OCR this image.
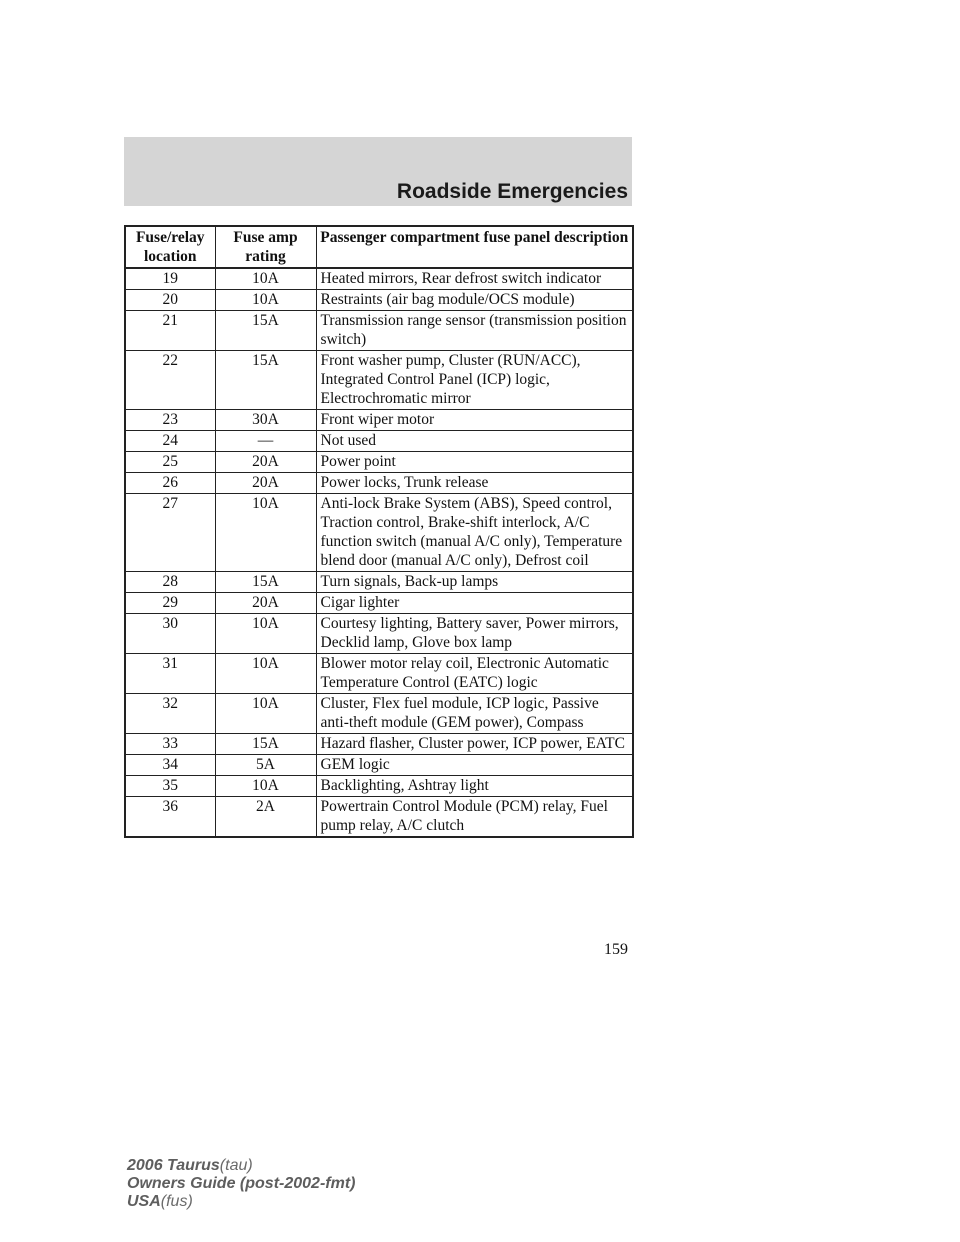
Roadside Emergencies
Fuse/relay location	Fuse amp rating	Passenger compartment fuse panel description
19	10A	Heated mirrors, Rear defrost switch indicator
20	10A	Restraints (air bag module/OCS module)
21	15A	Transmission range sensor (transmission position switch)
22	15A	Front washer pump, Cluster (RUN/ACC), Integrated Control Panel (ICP) logic, Electrochromatic mirror
23	30A	Front wiper motor
24	—	Not used
25	20A	Power point
26	20A	Power locks, Trunk release
27	10A	Anti-lock Brake System (ABS), Speed control, Traction control, Brake-shift interlock, A/C function switch (manual A/C only), Temperature blend door (manual A/C only), Defrost coil
28	15A	Turn signals, Back-up lamps
29	20A	Cigar lighter
30	10A	Courtesy lighting, Battery saver, Power mirrors, Decklid lamp, Glove box lamp
31	10A	Blower motor relay coil, Electronic Automatic Temperature Control (EATC) logic
32	10A	Cluster, Flex fuel module, ICP logic, Passive anti-theft module (GEM power), Compass
33	15A	Hazard flasher, Cluster power, ICP power, EATC
34	5A	GEM logic
35	10A	Backlighting, Ashtray light
36	2A	Powertrain Control Module (PCM) relay, Fuel pump relay, A/C clutch
159
2006 Taurus(tau)
Owners Guide (post-2002-fmt)
USA(fus)
